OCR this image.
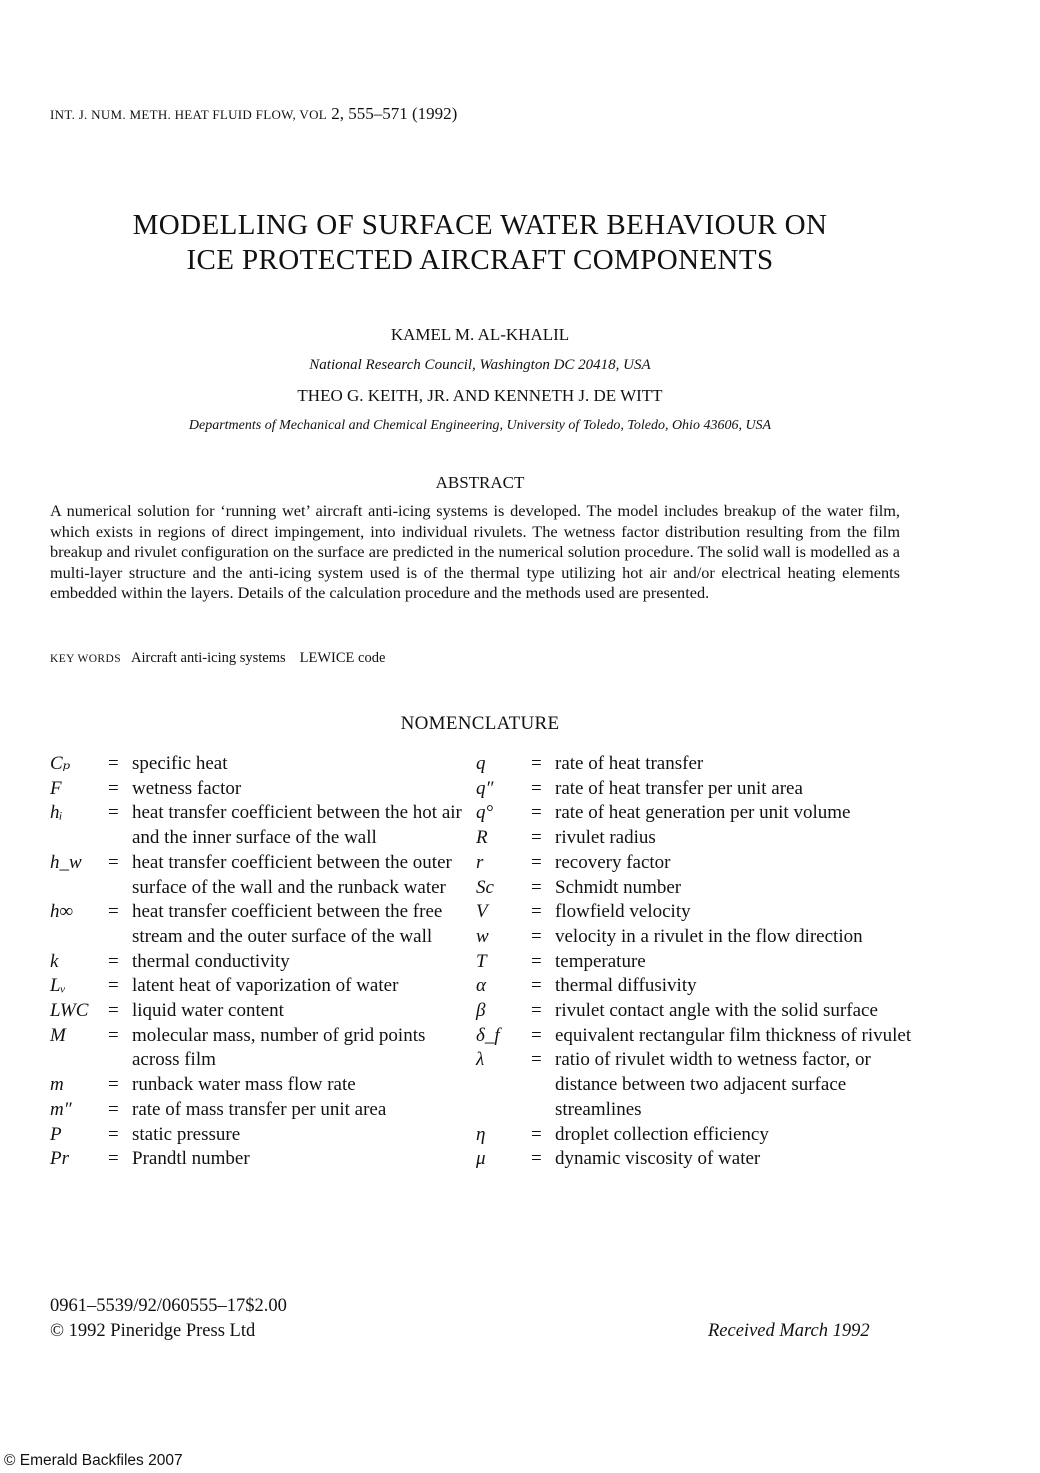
INT. J. NUM. METH. HEAT FLUID FLOW, VOL 2, 555–571 (1992)
MODELLING OF SURFACE WATER BEHAVIOUR ON
ICE PROTECTED AIRCRAFT COMPONENTS
KAMEL M. AL-KHALIL
National Research Council, Washington DC 20418, USA
THEO G. KEITH, JR. AND KENNETH J. DE WITT
Departments of Mechanical and Chemical Engineering, University of Toledo, Toledo, Ohio 43606, USA
ABSTRACT
A numerical solution for ‘running wet’ aircraft anti-icing systems is developed. The model includes breakup of the water film, which exists in regions of direct impingement, into individual rivulets. The wetness factor distribution resulting from the film breakup and rivulet configuration on the surface are predicted in the numerical solution procedure. The solid wall is modelled as a multi-layer structure and the anti-icing system used is of the thermal type utilizing hot air and/or electrical heating elements embedded within the layers. Details of the calculation procedure and the methods used are presented.
KEY WORDS Aircraft anti-icing systems LEWICE code
NOMENCLATURE
Cₚ	= specific heat
F	= wetness factor
hᵢ	= heat transfer coefficient between the hot air and the inner surface of the wall
h_w	= heat transfer coefficient between the outer surface of the wall and the runback water
h∞	= heat transfer coefficient between the free stream and the outer surface of the wall
k	= thermal conductivity
Lᵥ	= latent heat of vaporization of water
LWC	= liquid water content
M	= molecular mass, number of grid points across film
m	= runback water mass flow rate
m″	= rate of mass transfer per unit area
P	= static pressure
Pr	= Prandtl number
q	= rate of heat transfer
q″	= rate of heat transfer per unit area
q°	= rate of heat generation per unit volume
R	= rivulet radius
r	= recovery factor
Sc	= Schmidt number
V	= flowfield velocity
w	= velocity in a rivulet in the flow direction
T	= temperature
α	= thermal diffusivity
β	= rivulet contact angle with the solid surface
δ_f	= equivalent rectangular film thickness of rivulet
λ	= ratio of rivulet width to wetness factor, or distance between two adjacent surface streamlines
η	= droplet collection efficiency
μ	= dynamic viscosity of water
0961–5539/92/060555–17$2.00
© 1992 Pineridge Press Ltd	Received March 1992
© Emerald Backfiles 2007
